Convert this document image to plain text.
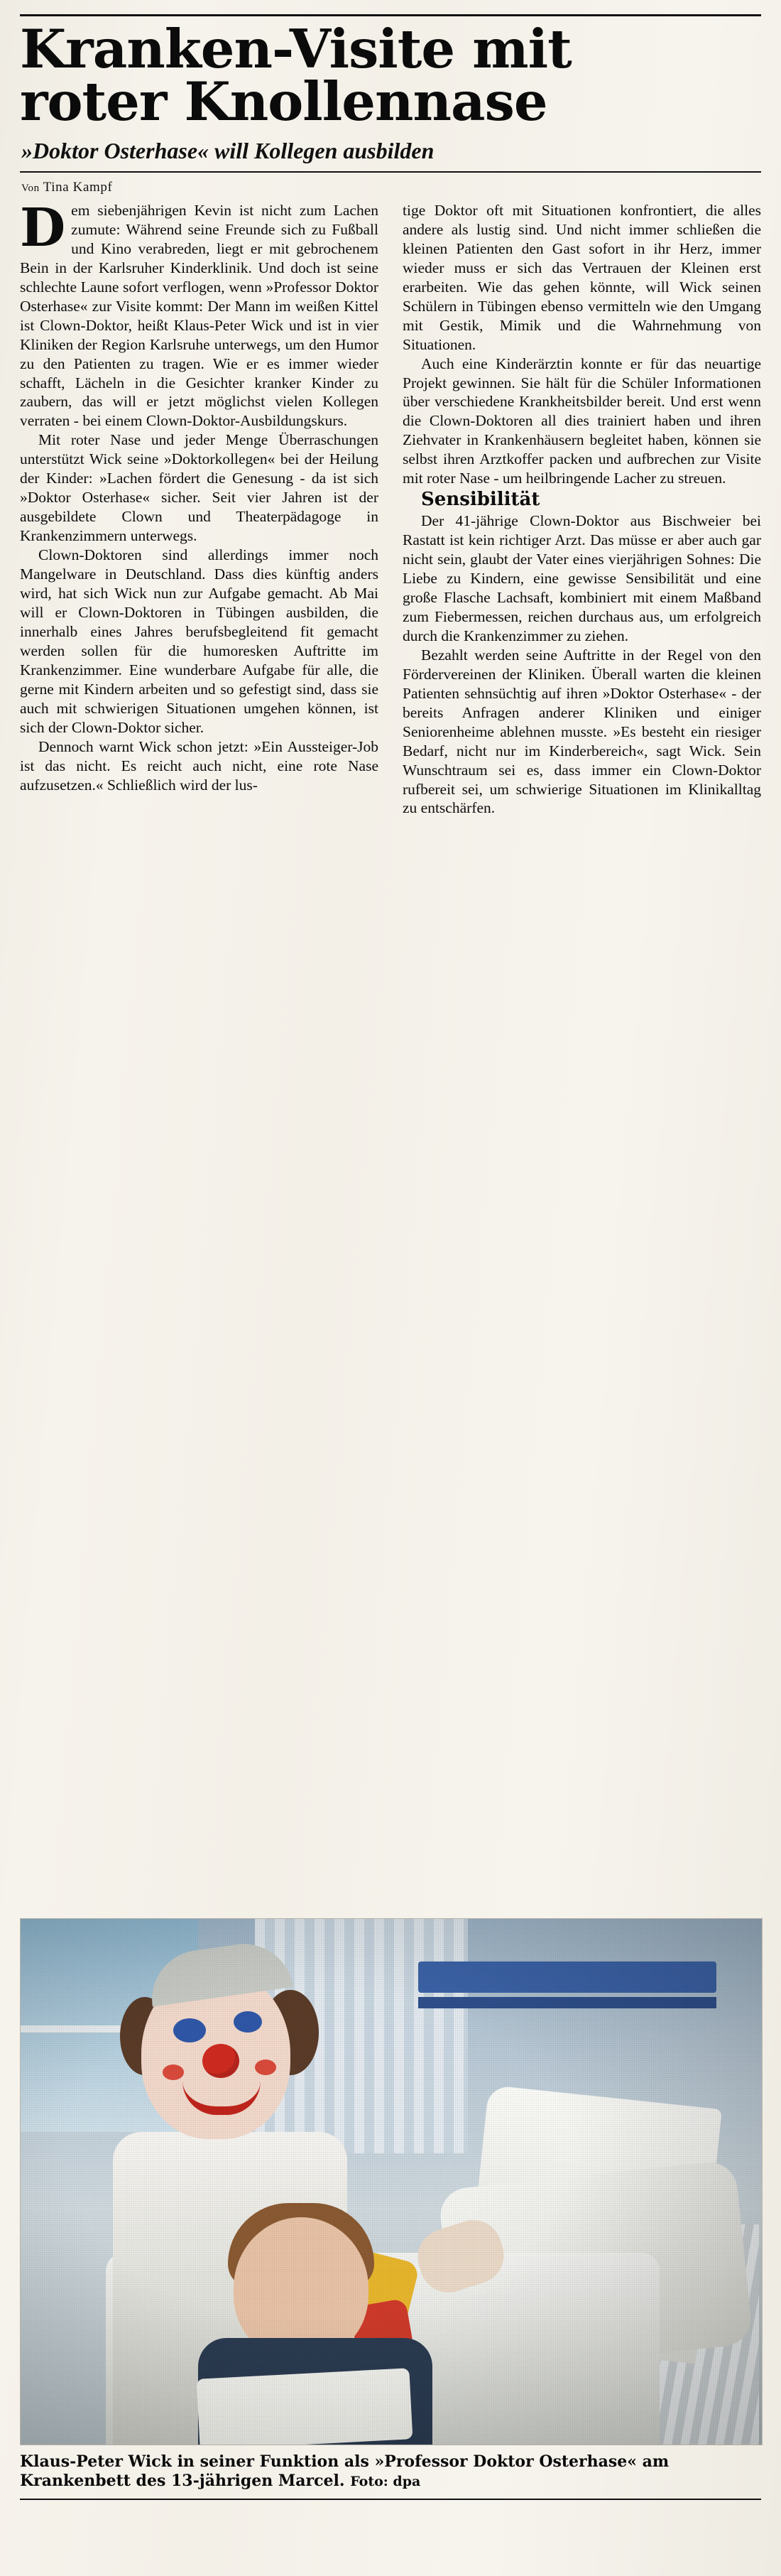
Kranken-Visite mit
roter Knollennase
»Doktor Osterhase« will Kollegen ausbilden
Von Tina Kampf

Dem siebenjährigen Kevin ist nicht zum Lachen zumute: Während seine Freunde sich zu Fußball und Kino verabreden, liegt er mit gebrochenem Bein in der Karlsruher Kinderklinik. Und doch ist seine schlechte Laune sofort verflogen, wenn »Professor Doktor Osterhase« zur Visite kommt: Der Mann im weißen Kittel ist Clown-Doktor, heißt Klaus-Peter Wick und ist in vier Kliniken der Region Karlsruhe unterwegs, um den Humor zu den Patienten zu tragen. Wie er es immer wieder schafft, Lächeln in die Gesichter kranker Kinder zu zaubern, das will er jetzt möglichst vielen Kollegen verraten - bei einem Clown-Doktor-Ausbildungskurs.

Mit roter Nase und jeder Menge Überraschungen unterstützt Wick seine »Doktorkollegen« bei der Heilung der Kinder: »Lachen fördert die Genesung - da ist sich »Doktor Osterhase« sicher. Seit vier Jahren ist der ausgebildete Clown und Theaterpädagoge in Krankenzimmern unterwegs.

Clown-Doktoren sind allerdings immer noch Mangelware in Deutschland. Dass dies künftig anders wird, hat sich Wick nun zur Aufgabe gemacht. Ab Mai will er Clown-Doktoren in Tübingen ausbilden, die innerhalb eines Jahres berufsbegleitend fit gemacht werden sollen für die humoresken Auftritte im Krankenzimmer. Eine wunderbare Aufgabe für alle, die gerne mit Kindern arbeiten und so gefestigt sind, dass sie auch mit schwierigen Situationen umgehen können, ist sich der Clown-Doktor sicher.

Dennoch warnt Wick schon jetzt: »Ein Aussteiger-Job ist das nicht. Es reicht auch nicht, eine rote Nase aufzusetzen.« Schließlich wird der lus-

tige Doktor oft mit Situationen konfrontiert, die alles andere als lustig sind. Und nicht immer schließen die kleinen Patienten den Gast sofort in ihr Herz, immer wieder muss er sich das Vertrauen der Kleinen erst erarbeiten. Wie das gehen könnte, will Wick seinen Schülern in Tübingen ebenso vermitteln wie den Umgang mit Gestik, Mimik und die Wahrnehmung von Situationen.

Auch eine Kinderärztin konnte er für das neuartige Projekt gewinnen. Sie hält für die Schüler Informationen über verschiedene Krankheitsbilder bereit. Und erst wenn die Clown-Doktoren all dies trainiert haben und ihren Ziehvater in Krankenhäusern begleitet haben, können sie selbst ihren Arztkoffer packen und aufbrechen zur Visite mit roter Nase - um heilbringende Lacher zu streuen.

Sensibilität

Der 41-jährige Clown-Doktor aus Bischweier bei Rastatt ist kein richtiger Arzt. Das müsse er aber auch gar nicht sein, glaubt der Vater eines vierjährigen Sohnes: Die Liebe zu Kindern, eine gewisse Sensibilität und eine große Flasche Lachsaft, kombiniert mit einem Maßband zum Fiebermessen, reichen durchaus aus, um erfolgreich durch die Krankenzimmer zu ziehen.

Bezahlt werden seine Auftritte in der Regel von den Fördervereinen der Kliniken. Überall warten die kleinen Patienten sehnsüchtig auf ihren »Doktor Osterhase« - der bereits Anfragen anderer Kliniken und einiger Seniorenheime ablehnen musste. »Es besteht ein riesiger Bedarf, nicht nur im Kinderbereich«, sagt Wick. Sein Wunschtraum sei es, dass immer ein Clown-Doktor rufbereit sei, um schwierige Situationen im Klinikalltag zu entschärfen.

Klaus-Peter Wick in seiner Funktion als »Professor Doktor Osterhase« am Krankenbett des 13-jährigen Marcel. Foto: dpa
